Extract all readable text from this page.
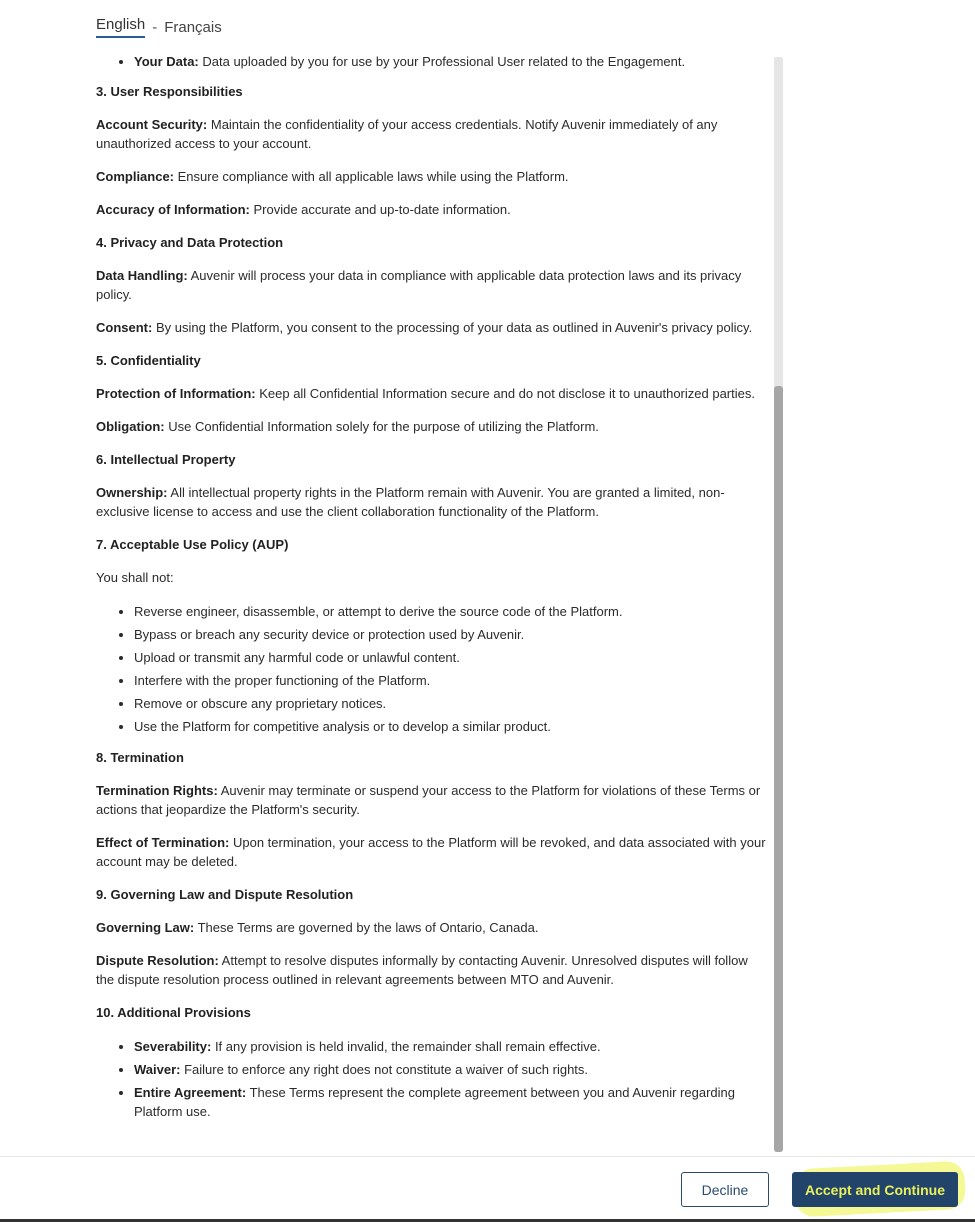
English - Français
• Your Data: Data uploaded by you for use by your Professional User related to the Engagement.

3. User Responsibilities

Account Security: Maintain the confidentiality of your access credentials. Notify Auvenir immediately of any unauthorized access to your account.

Compliance: Ensure compliance with all applicable laws while using the Platform.

Accuracy of Information: Provide accurate and up-to-date information.

4. Privacy and Data Protection

Data Handling: Auvenir will process your data in compliance with applicable data protection laws and its privacy policy.

Consent: By using the Platform, you consent to the processing of your data as outlined in Auvenir's privacy policy.

5. Confidentiality

Protection of Information: Keep all Confidential Information secure and do not disclose it to unauthorized parties.

Obligation: Use Confidential Information solely for the purpose of utilizing the Platform.

6. Intellectual Property

Ownership: All intellectual property rights in the Platform remain with Auvenir. You are granted a limited, non-exclusive license to access and use the client collaboration functionality of the Platform.

7. Acceptable Use Policy (AUP)

You shall not:

• Reverse engineer, disassemble, or attempt to derive the source code of the Platform.
• Bypass or breach any security device or protection used by Auvenir.
• Upload or transmit any harmful code or unlawful content.
• Interfere with the proper functioning of the Platform.
• Remove or obscure any proprietary notices.
• Use the Platform for competitive analysis or to develop a similar product.

8. Termination

Termination Rights: Auvenir may terminate or suspend your access to the Platform for violations of these Terms or actions that jeopardize the Platform's security.

Effect of Termination: Upon termination, your access to the Platform will be revoked, and data associated with your account may be deleted.

9. Governing Law and Dispute Resolution

Governing Law: These Terms are governed by the laws of Ontario, Canada.

Dispute Resolution: Attempt to resolve disputes informally by contacting Auvenir. Unresolved disputes will follow the dispute resolution process outlined in relevant agreements between MTO and Auvenir.

10. Additional Provisions

• Severability: If any provision is held invalid, the remainder shall remain effective.
• Waiver: Failure to enforce any right does not constitute a waiver of such rights.
• Entire Agreement: These Terms represent the complete agreement between you and Auvenir regarding Platform use.
Decline	Accept and Continue
